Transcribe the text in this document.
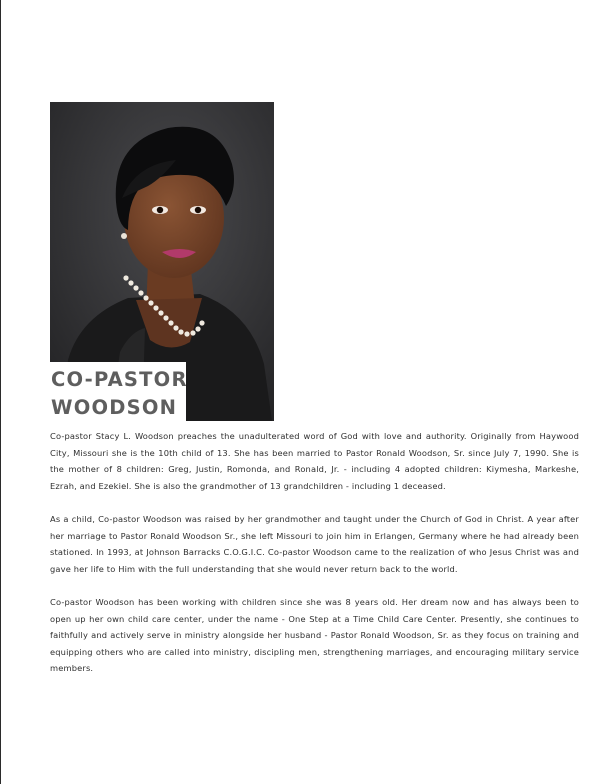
CO-PASTOR
WOODSON

Co-pastor Stacy L. Woodson preaches the unadulterated word of God with love and authority. Originally from Haywood City, Missouri she is the 10th child of 13. She has been married to Pastor Ronald Woodson, Sr. since July 7, 1990. She is the mother of 8 children: Greg, Justin, Romonda, and Ronald, Jr. - including 4 adopted children: Kiymesha, Markeshe, Ezrah, and Ezekiel. She is also the grandmother of 13 grandchildren - including 1 deceased.

As a child, Co-pastor Woodson was raised by her grandmother and taught under the Church of God in Christ. A year after her marriage to Pastor Ronald Woodson Sr., she left Missouri to join him in Erlangen, Germany where he had already been stationed. In 1993, at Johnson Barracks C.O.G.I.C. Co-pastor Woodson came to the realization of who Jesus Christ was and gave her life to Him with the full understanding that she would never return back to the world.

Co-pastor Woodson has been working with children since she was 8 years old. Her dream now and has always been to open up her own child care center, under the name - One Step at a Time Child Care Center. Presently, she continues to faithfully and actively serve in ministry alongside her husband - Pastor Ronald Woodson, Sr. as they focus on training and equipping others who are called into ministry, discipling men, strengthening marriages, and encouraging military service members.
